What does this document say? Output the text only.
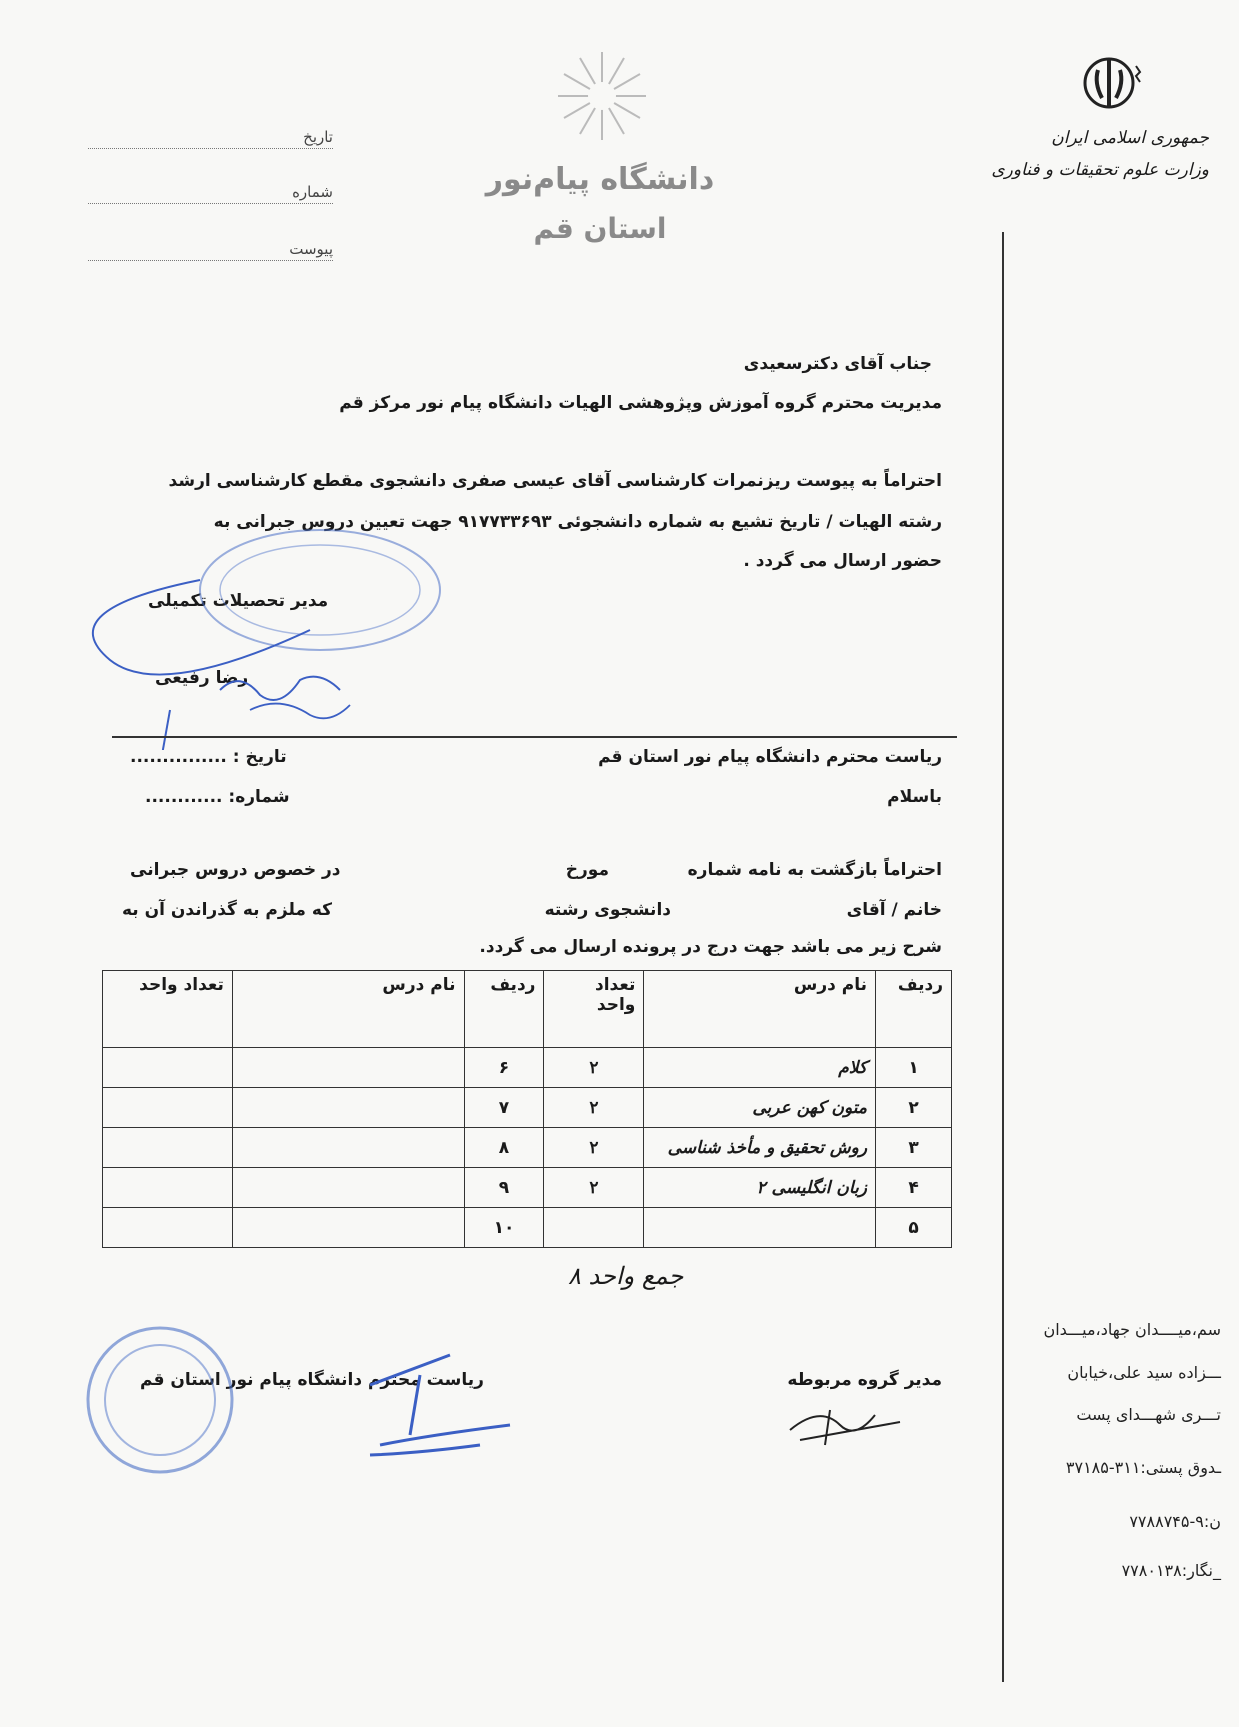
جمهوری اسلامی ایران
وزارت علوم تحقیقات و فناوری
دانشگاه پیام‌نور
استان قم
تاریخ
شماره
پیوست
جناب آقای دکترسعیدی
مدیریت محترم گروه آموزش وپژوهشی الهیات دانشگاه پیام نور مرکز قم
احتراماً به پیوست ریزنمرات کارشناسی آقای عیسی صفری دانشجوی مقطع کارشناسی ارشد
رشته الهیات / تاریخ تشیع به شماره دانشجوئی ۹۱۷۷۳۳۶۹۳ جهت تعیین دروس جبرانی به
حضور ارسال می گردد .
مدیر تحصیلات تکمیلی
رضا رفیعی
ریاست محترم دانشگاه پیام نور استان قم
باسلام
تاریخ : ...............
شماره: ............
احتراماً بازگشت به نامه شماره
مورخ
در خصوص دروس جبرانی
خانم / آقای
دانشجوی رشته
که ملزم به گذراندن آن به
شرح زیر می باشد جهت درج در پرونده ارسال می گردد.
ردیف	نام درس	تعداد واحد	ردیف	نام درس	تعداد واحد
۱	کلام	۲	۶		
۲	متون کهن عربی	۲	۷		
۳	روش تحقیق و مأخذ شناسی	۲	۸		
۴	زبان انگلیسی ۲	۲	۹		
۵			۱۰		
جمع واحد ۸
مدیر گروه مربوطه
ریاست محترم دانشگاه پیام نور استان قم
سم،میــــدان جهاد،میـــدان
ـــزاده سید علی،خیابان
تـــری شهـــدای پست
ـدوق پستی:۳۱۱-۳۷۱۸۵
ن:۹-۷۷۸۸۷۴۵
_نگار:۷۷۸۰۱۳۸
